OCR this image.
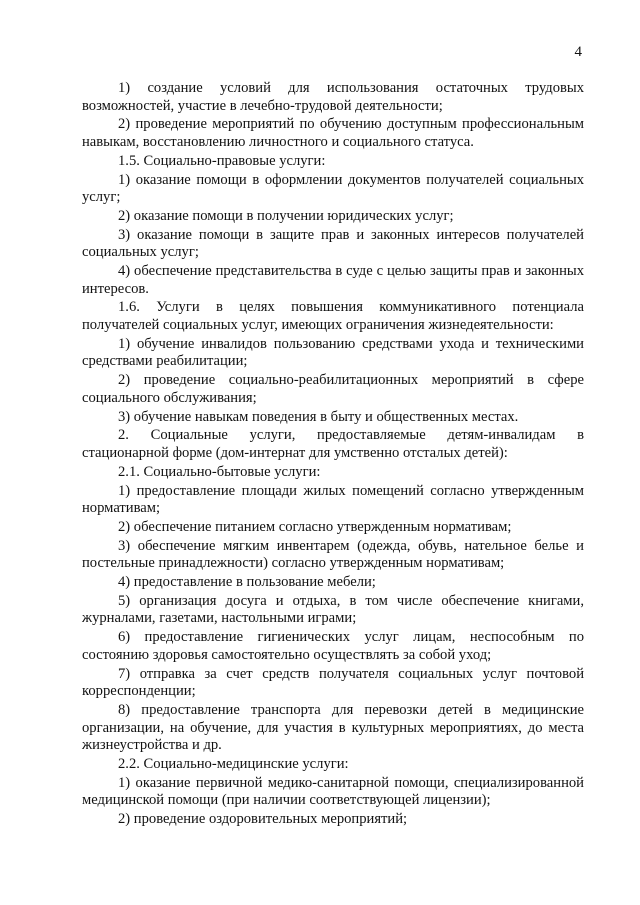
4

1) создание условий для использования остаточных трудовых возможностей, участие в лечебно-трудовой деятельности;

2) проведение мероприятий по обучению доступным профессиональным навыкам, восстановлению личностного и социального статуса.

1.5. Социально-правовые услуги:

1) оказание помощи в оформлении документов получателей социальных услуг;

2) оказание помощи в получении юридических услуг;

3) оказание помощи в защите прав и законных интересов получателей социальных услуг;

4) обеспечение представительства в суде с целью защиты прав и законных интересов.

1.6. Услуги в целях повышения коммуникативного потенциала получателей социальных услуг, имеющих ограничения жизнедеятельности:

1) обучение инвалидов пользованию средствами ухода и техническими средствами реабилитации;

2) проведение социально-реабилитационных мероприятий в сфере социального обслуживания;

3) обучение навыкам поведения в быту и общественных местах.

2. Социальные услуги, предоставляемые детям-инвалидам в стационарной форме (дом-интернат для умственно отсталых детей):

2.1. Социально-бытовые услуги:

1) предоставление площади жилых помещений согласно утвержденным нормативам;

2) обеспечение питанием согласно утвержденным нормативам;

3) обеспечение мягким инвентарем (одежда, обувь, нательное белье и постельные принадлежности) согласно утвержденным нормативам;

4) предоставление в пользование мебели;

5) организация досуга и отдыха, в том числе обеспечение книгами, журналами, газетами, настольными играми;

6) предоставление гигиенических услуг лицам, неспособным по состоянию здоровья самостоятельно осуществлять за собой уход;

7) отправка за счет средств получателя социальных услуг почтовой корреспонденции;

8) предоставление транспорта для перевозки детей в медицинские организации, на обучение, для участия в культурных мероприятиях, до места жизнеустройства и др.

2.2. Социально-медицинские услуги:

1) оказание первичной медико-санитарной помощи, специализированной медицинской помощи (при наличии соответствующей лицензии);

2) проведение оздоровительных мероприятий;
